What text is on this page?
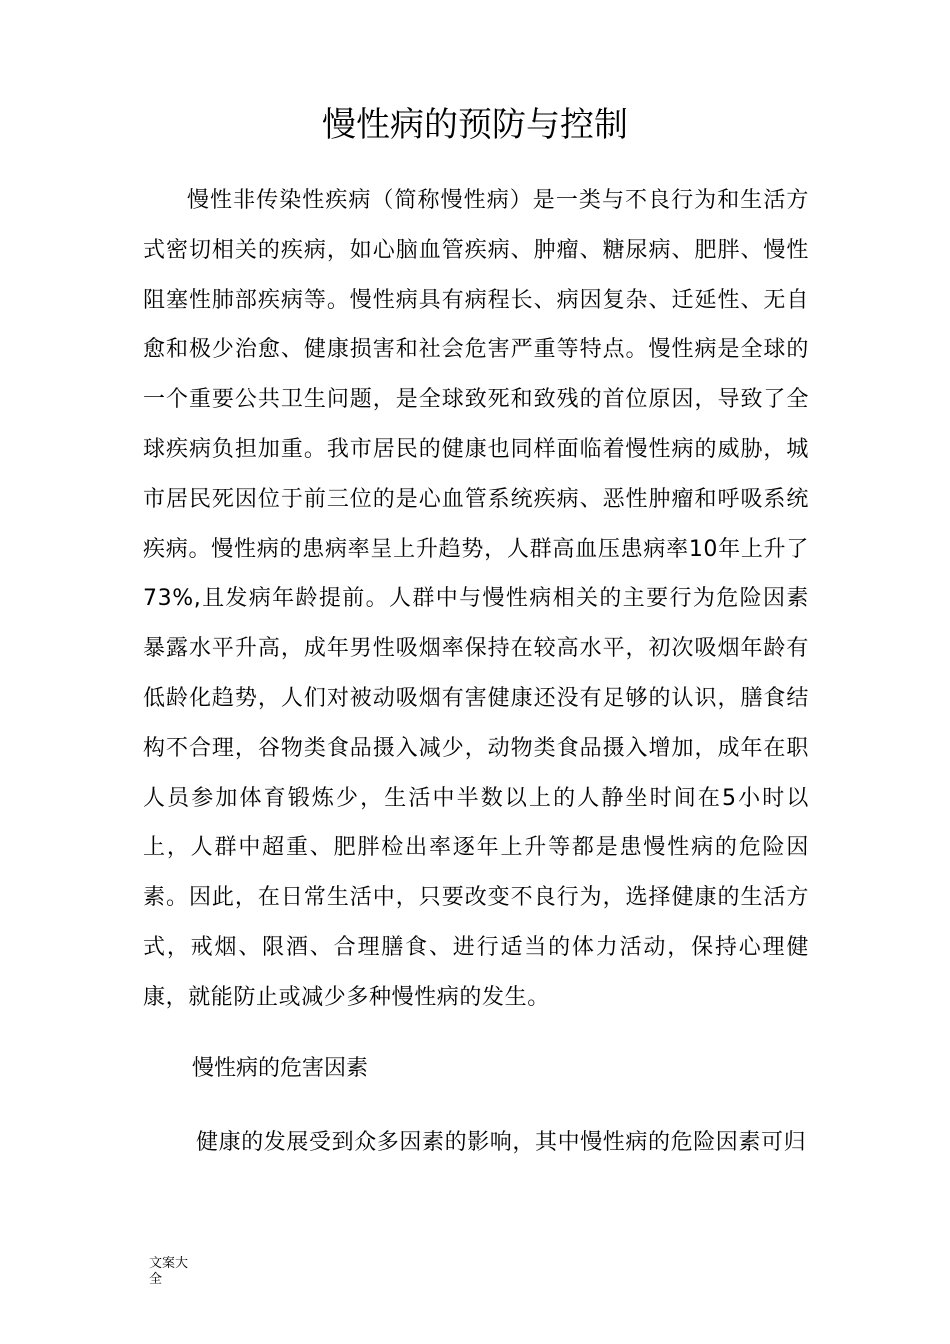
慢性病的预防与控制

慢性非传染性疾病（简称慢性病）是一类与不良行为和生活方式密切相关的疾病，如心脑血管疾病、肿瘤、糖尿病、肥胖、慢性阻塞性肺部疾病等。慢性病具有病程长、病因复杂、迁延性、无自愈和极少治愈、健康损害和社会危害严重等特点。慢性病是全球的一个重要公共卫生问题，是全球致死和致残的首位原因，导致了全球疾病负担加重。我市居民的健康也同样面临着慢性病的威胁，城市居民死因位于前三位的是心血管系统疾病、恶性肿瘤和呼吸系统疾病。慢性病的患病率呈上升趋势，人群高血压患病率10年上升了73%,且发病年龄提前。人群中与慢性病相关的主要行为危险因素暴露水平升高，成年男性吸烟率保持在较高水平，初次吸烟年龄有低龄化趋势，人们对被动吸烟有害健康还没有足够的认识，膳食结构不合理，谷物类食品摄入减少，动物类食品摄入增加，成年在职人员参加体育锻炼少，生活中半数以上的人静坐时间在5小时以上，人群中超重、肥胖检出率逐年上升等都是患慢性病的危险因素。因此，在日常生活中，只要改变不良行为，选择健康的生活方式，戒烟、限酒、合理膳食、进行适当的体力活动，保持心理健康，就能防止或减少多种慢性病的发生。

慢性病的危害因素

健康的发展受到众多因素的影响，其中慢性病的危险因素可归

文案大全
